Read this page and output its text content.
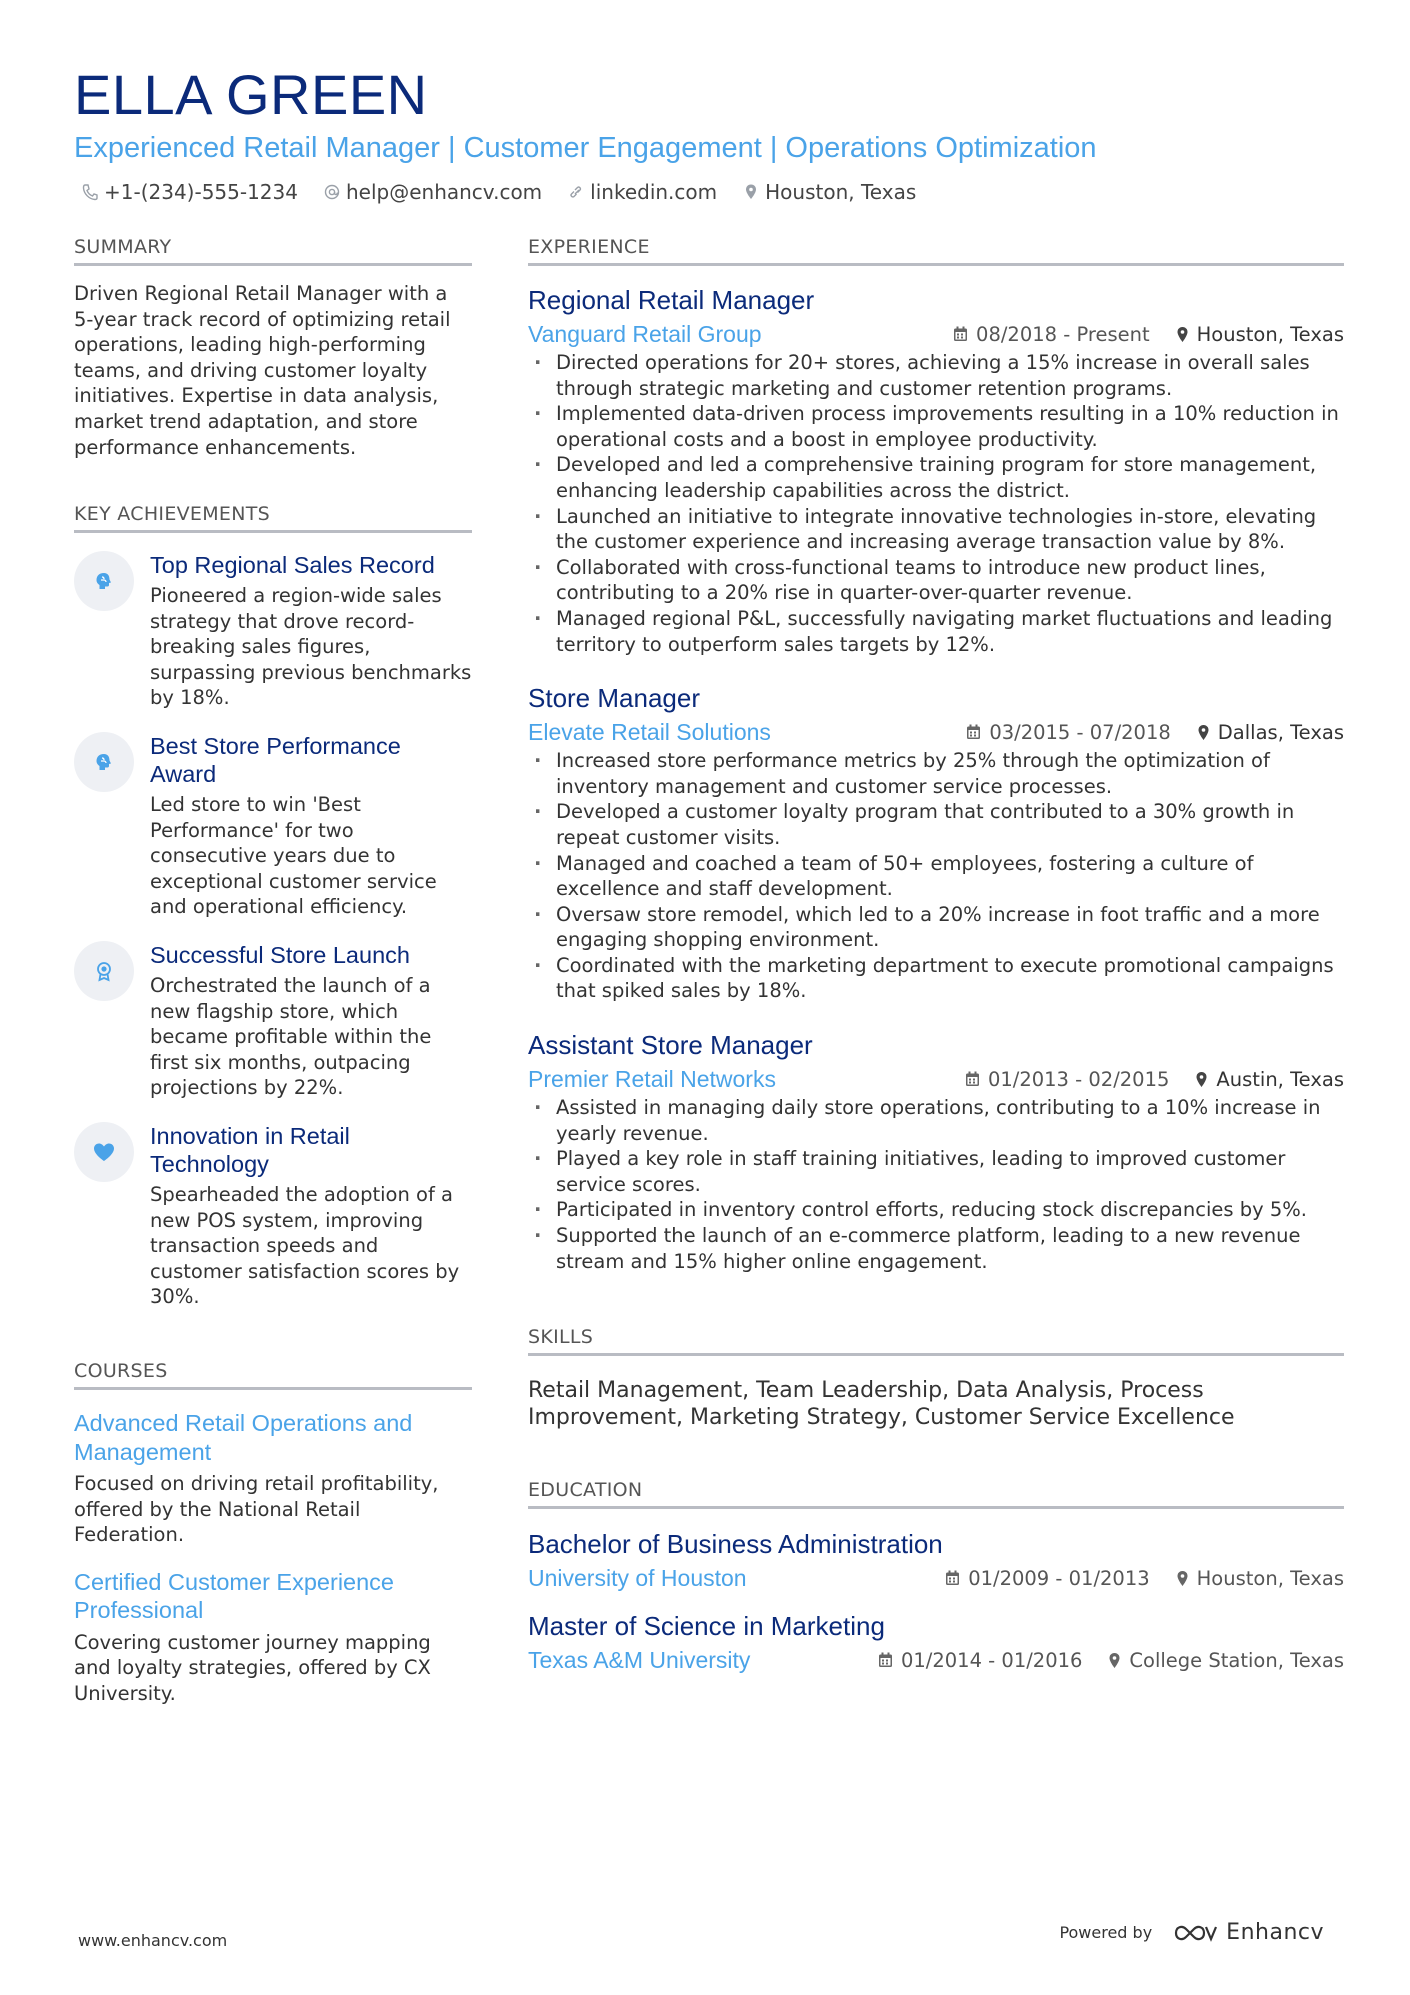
ELLA GREEN
Experienced Retail Manager | Customer Engagement | Operations Optimization
+1-(234)-555-1234 help@enhancv.com linkedin.com Houston, Texas
SUMMARY
Driven Regional Retail Manager with a 5-year track record of optimizing retail operations, leading high-performing teams, and driving customer loyalty initiatives. Expertise in data analysis, market trend adaptation, and store performance enhancements.
KEY ACHIEVEMENTS
Top Regional Sales Record
Pioneered a region-wide sales strategy that drove record-breaking sales figures, surpassing previous benchmarks by 18%.
Best Store Performance Award
Led store to win 'Best Performance' for two consecutive years due to exceptional customer service and operational efficiency.
Successful Store Launch
Orchestrated the launch of a new flagship store, which became profitable within the first six months, outpacing projections by 22%.
Innovation in Retail Technology
Spearheaded the adoption of a new POS system, improving transaction speeds and customer satisfaction scores by 30%.
COURSES
Advanced Retail Operations and Management
Focused on driving retail profitability, offered by the National Retail Federation.
Certified Customer Experience Professional
Covering customer journey mapping and loyalty strategies, offered by CX University.
EXPERIENCE
Regional Retail Manager
Vanguard Retail Group	08/2018 - Present Houston, Texas
· Directed operations for 20+ stores, achieving a 15% increase in overall sales through strategic marketing and customer retention programs.
· Implemented data-driven process improvements resulting in a 10% reduction in operational costs and a boost in employee productivity.
· Developed and led a comprehensive training program for store management, enhancing leadership capabilities across the district.
· Launched an initiative to integrate innovative technologies in-store, elevating the customer experience and increasing average transaction value by 8%.
· Collaborated with cross-functional teams to introduce new product lines, contributing to a 20% rise in quarter-over-quarter revenue.
· Managed regional P&L, successfully navigating market fluctuations and leading territory to outperform sales targets by 12%.
Store Manager
Elevate Retail Solutions	03/2015 - 07/2018 Dallas, Texas
· Increased store performance metrics by 25% through the optimization of inventory management and customer service processes.
· Developed a customer loyalty program that contributed to a 30% growth in repeat customer visits.
· Managed and coached a team of 50+ employees, fostering a culture of excellence and staff development.
· Oversaw store remodel, which led to a 20% increase in foot traffic and a more engaging shopping environment.
· Coordinated with the marketing department to execute promotional campaigns that spiked sales by 18%.
Assistant Store Manager
Premier Retail Networks	01/2013 - 02/2015 Austin, Texas
· Assisted in managing daily store operations, contributing to a 10% increase in yearly revenue.
· Played a key role in staff training initiatives, leading to improved customer service scores.
· Participated in inventory control efforts, reducing stock discrepancies by 5%.
· Supported the launch of an e-commerce platform, leading to a new revenue stream and 15% higher online engagement.
SKILLS
Retail Management, Team Leadership, Data Analysis, Process Improvement, Marketing Strategy, Customer Service Excellence
EDUCATION
Bachelor of Business Administration
University of Houston	01/2009 - 01/2013 Houston, Texas
Master of Science in Marketing
Texas A&M University	01/2014 - 01/2016 College Station, Texas
www.enhancv.com	Powered by	Enhancv
